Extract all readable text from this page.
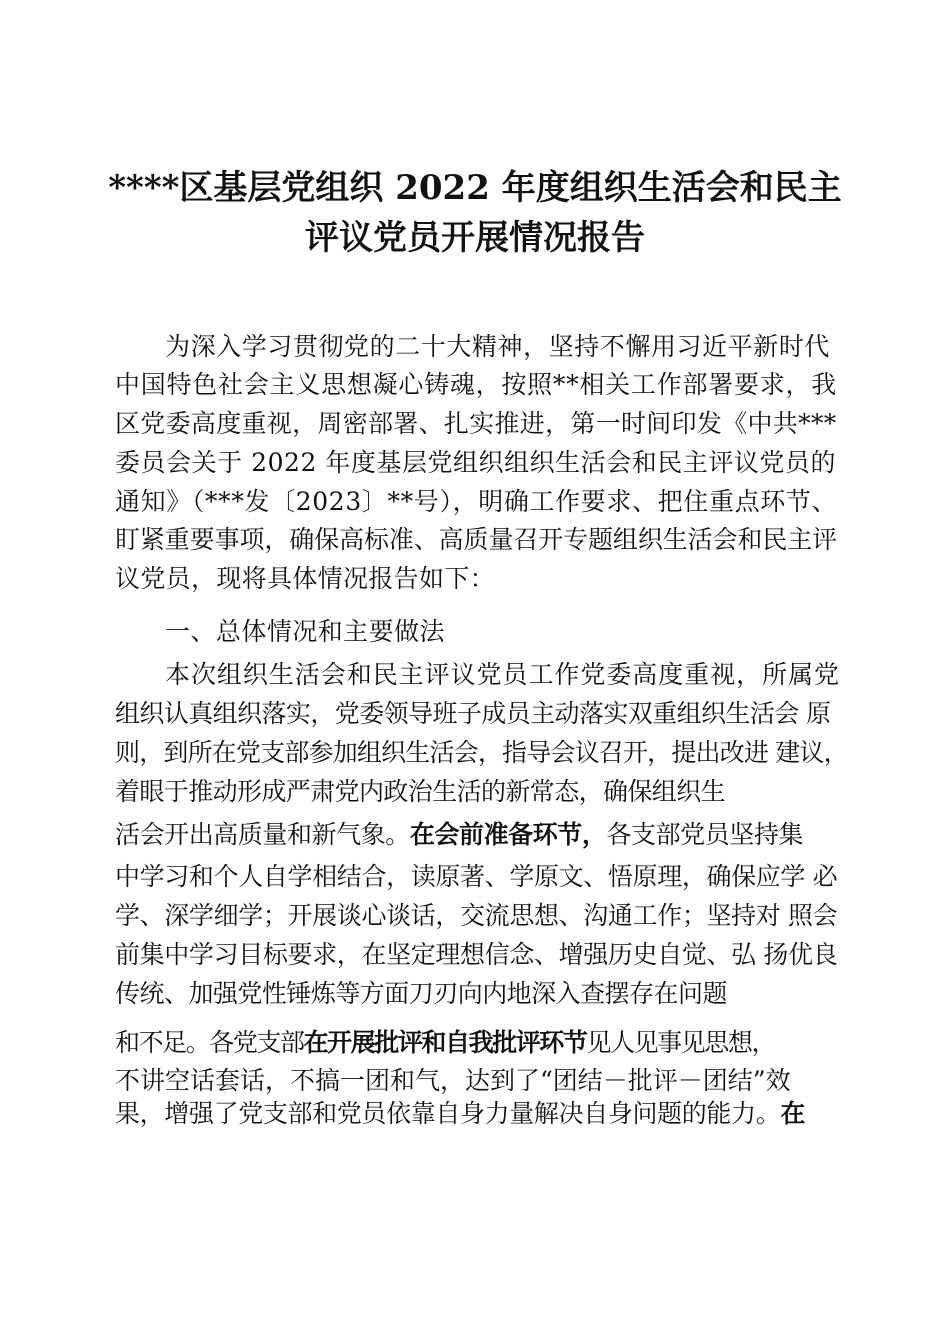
****区基层党组织 2022 年度组织生活会和民主
评议党员开展情况报告
为深入学习贯彻党的二十大精神，坚持不懈用习近平新时代
中国特色社会主义思想凝心铸魂，按照**相关工作部署要求，我
区党委高度重视，周密部署、扎实推进，第一时间印发《中共***
委员会关于 2022 年度基层党组织组织生活会和民主评议党员的
通知》（***发〔2023〕**号），明确工作要求、把住重点环节、
盯紧重要事项，确保高标准、高质量召开专题组织生活会和民主评
议党员，现将具体情况报告如下：
一、总体情况和主要做法
本次组织生活会和民主评议党员工作党委高度重视，所属党
组织认真组织落实，党委领导班子成员主动落实双重组织生活会 原
则，到所在党支部参加组织生活会，指导会议召开，提出改进 建议，
着眼于推动形成严肃党内政治生活的新常态，确保组织生
活会开出高质量和新气象。在会前准备环节，各支部党员坚持集
中学习和个人自学相结合，读原著、学原文、悟原理，确保应学 必
学、深学细学；开展谈心谈话，交流思想、沟通工作；坚持对 照会
前集中学习目标要求，在坚定理想信念、增强历史自觉、弘 扬优良
传统、加强党性锤炼等方面刀刃向内地深入查摆存在问题
和不足。各党支部在开展批评和自我批评环节见人见事见思想，
不讲空话套话，不搞一团和气，达到了“团结－批评－团结”效
果，增强了党支部和党员依靠自身力量解决自身问题的能力。在
